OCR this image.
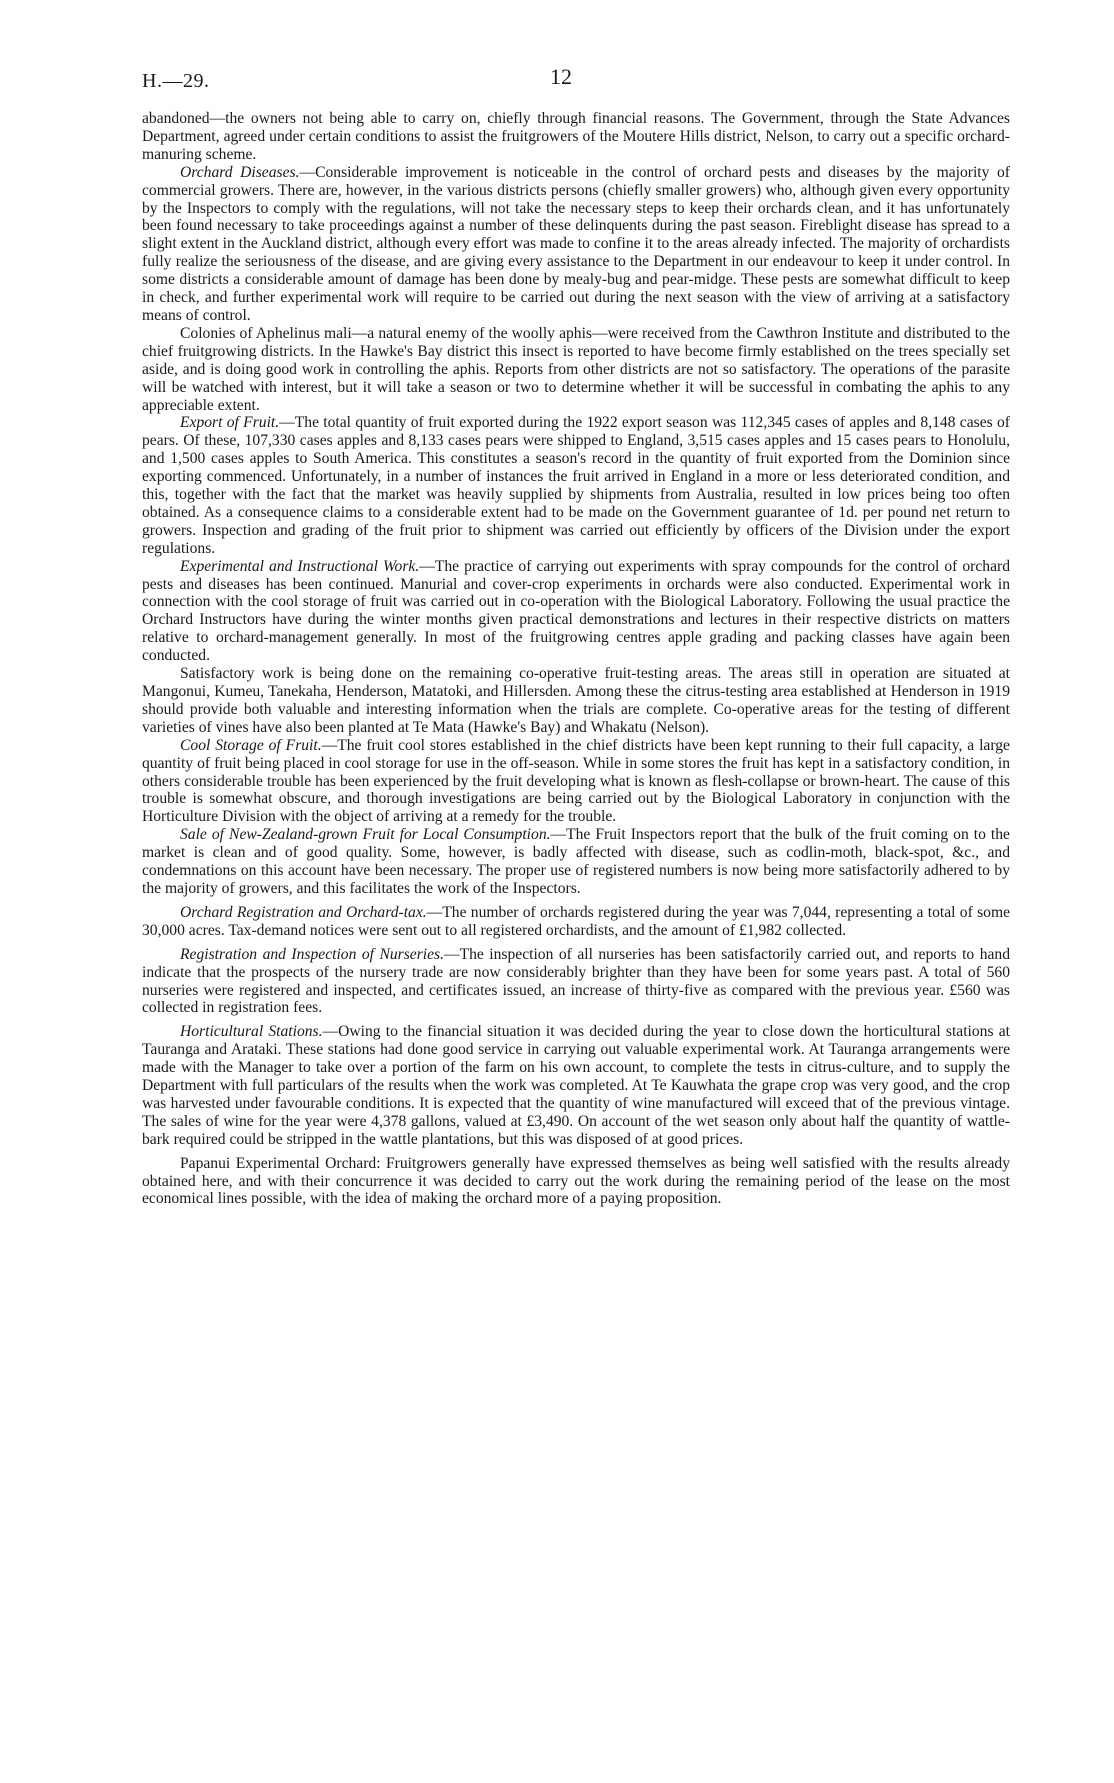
H.—29.	12

abandoned—the owners not being able to carry on, chiefly through financial reasons. The Government, through the State Advances Department, agreed under certain conditions to assist the fruitgrowers of the Moutere Hills district, Nelson, to carry out a specific orchard-manuring scheme.

Orchard Diseases.—Considerable improvement is noticeable in the control of orchard pests and diseases by the majority of commercial growers. There are, however, in the various districts persons (chiefly smaller growers) who, although given every opportunity by the Inspectors to comply with the regulations, will not take the necessary steps to keep their orchards clean, and it has unfortunately been found necessary to take proceedings against a number of these delinquents during the past season. Fireblight disease has spread to a slight extent in the Auckland district, although every effort was made to confine it to the areas already infected. The majority of orchardists fully realize the seriousness of the disease, and are giving every assistance to the Department in our endeavour to keep it under control. In some districts a considerable amount of damage has been done by mealy-bug and pear-midge. These pests are somewhat difficult to keep in check, and further experimental work will require to be carried out during the next season with the view of arriving at a satisfactory means of control.

Colonies of Aphelinus mali—a natural enemy of the woolly aphis—were received from the Cawthron Institute and distributed to the chief fruitgrowing districts. In the Hawke's Bay district this insect is reported to have become firmly established on the trees specially set aside, and is doing good work in controlling the aphis. Reports from other districts are not so satisfactory. The operations of the parasite will be watched with interest, but it will take a season or two to determine whether it will be successful in combating the aphis to any appreciable extent.

Export of Fruit.—The total quantity of fruit exported during the 1922 export season was 112,345 cases of apples and 8,148 cases of pears. Of these, 107,330 cases apples and 8,133 cases pears were shipped to England, 3,515 cases apples and 15 cases pears to Honolulu, and 1,500 cases apples to South America. This constitutes a season's record in the quantity of fruit exported from the Dominion since exporting commenced. Unfortunately, in a number of instances the fruit arrived in England in a more or less deteriorated condition, and this, together with the fact that the market was heavily supplied by shipments from Australia, resulted in low prices being too often obtained. As a consequence claims to a considerable extent had to be made on the Government guarantee of 1d. per pound net return to growers. Inspection and grading of the fruit prior to shipment was carried out efficiently by officers of the Division under the export regulations.

Experimental and Instructional Work.—The practice of carrying out experiments with spray compounds for the control of orchard pests and diseases has been continued. Manurial and cover-crop experiments in orchards were also conducted. Experimental work in connection with the cool storage of fruit was carried out in co-operation with the Biological Laboratory. Following the usual practice the Orchard Instructors have during the winter months given practical demonstrations and lectures in their respective districts on matters relative to orchard-management generally. In most of the fruitgrowing centres apple grading and packing classes have again been conducted.

Satisfactory work is being done on the remaining co-operative fruit-testing areas. The areas still in operation are situated at Mangonui, Kumeu, Tanekaha, Henderson, Matatoki, and Hillersden. Among these the citrus-testing area established at Henderson in 1919 should provide both valuable and interesting information when the trials are complete. Co-operative areas for the testing of different varieties of vines have also been planted at Te Mata (Hawke's Bay) and Whakatu (Nelson).

Cool Storage of Fruit.—The fruit cool stores established in the chief districts have been kept running to their full capacity, a large quantity of fruit being placed in cool storage for use in the off-season. While in some stores the fruit has kept in a satisfactory condition, in others considerable trouble has been experienced by the fruit developing what is known as flesh-collapse or brown-heart. The cause of this trouble is somewhat obscure, and thorough investigations are being carried out by the Biological Laboratory in conjunction with the Horticulture Division with the object of arriving at a remedy for the trouble.

Sale of New-Zealand-grown Fruit for Local Consumption.—The Fruit Inspectors report that the bulk of the fruit coming on to the market is clean and of good quality. Some, however, is badly affected with disease, such as codlin-moth, black-spot, &c., and condemnations on this account have been necessary. The proper use of registered numbers is now being more satisfactorily adhered to by the majority of growers, and this facilitates the work of the Inspectors.

Orchard Registration and Orchard-tax.—The number of orchards registered during the year was 7,044, representing a total of some 30,000 acres. Tax-demand notices were sent out to all registered orchardists, and the amount of £1,982 collected.

Registration and Inspection of Nurseries.—The inspection of all nurseries has been satisfactorily carried out, and reports to hand indicate that the prospects of the nursery trade are now considerably brighter than they have been for some years past. A total of 560 nurseries were registered and inspected, and certificates issued, an increase of thirty-five as compared with the previous year. £560 was collected in registration fees.

Horticultural Stations.—Owing to the financial situation it was decided during the year to close down the horticultural stations at Tauranga and Arataki. These stations had done good service in carrying out valuable experimental work. At Tauranga arrangements were made with the Manager to take over a portion of the farm on his own account, to complete the tests in citrus-culture, and to supply the Department with full particulars of the results when the work was completed. At Te Kauwhata the grape crop was very good, and the crop was harvested under favourable conditions. It is expected that the quantity of wine manufactured will exceed that of the previous vintage. The sales of wine for the year were 4,378 gallons, valued at £3,490. On account of the wet season only about half the quantity of wattle-bark required could be stripped in the wattle plantations, but this was disposed of at good prices.

Papanui Experimental Orchard: Fruitgrowers generally have expressed themselves as being well satisfied with the results already obtained here, and with their concurrence it was decided to carry out the work during the remaining period of the lease on the most economical lines possible, with the idea of making the orchard more of a paying proposition.
